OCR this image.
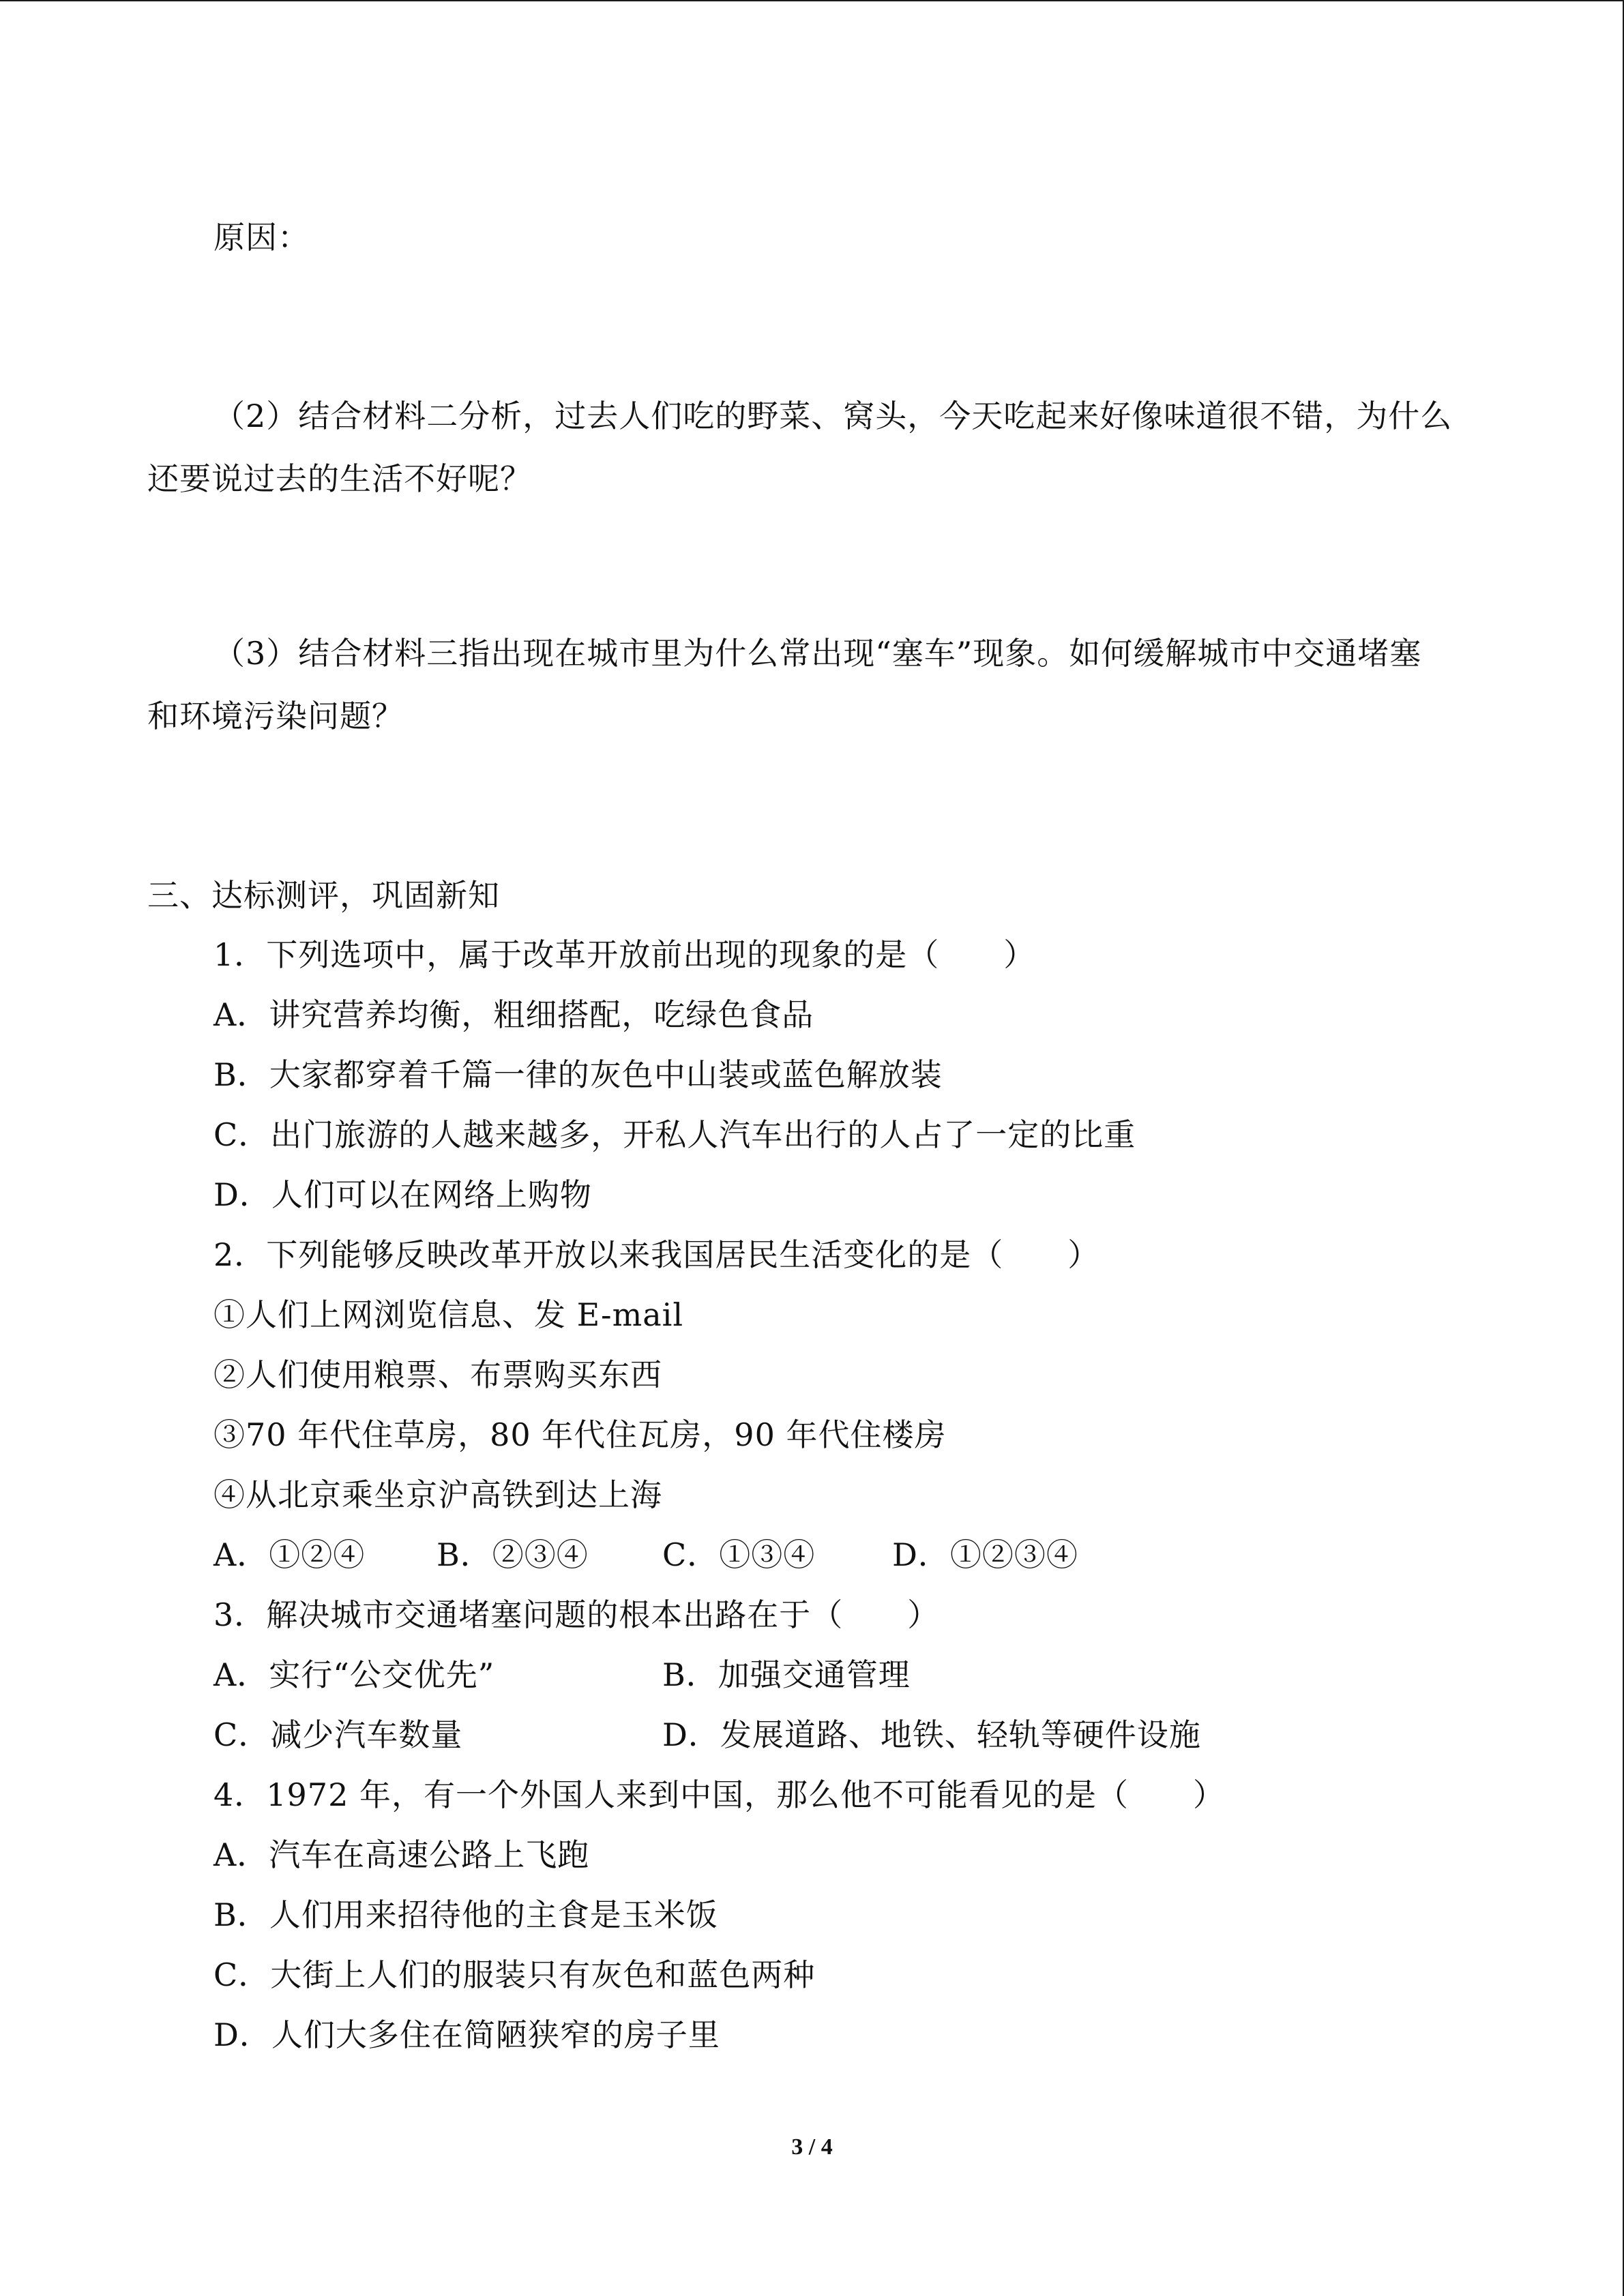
原因：
（2）结合材料二分析，过去人们吃的野菜、窝头，今天吃起来好像味道很不错，为什么
还要说过去的生活不好呢？
（3）结合材料三指出现在城市里为什么常出现“塞车”现象。如何缓解城市中交通堵塞
和环境污染问题？
三、达标测评，巩固新知
1．下列选项中，属于改革开放前出现的现象的是（　　）
A．讲究营养均衡，粗细搭配，吃绿色食品
B．大家都穿着千篇一律的灰色中山装或蓝色解放装
C．出门旅游的人越来越多，开私人汽车出行的人占了一定的比重
D．人们可以在网络上购物
2．下列能够反映改革开放以来我国居民生活变化的是（　　）
①人们上网浏览信息、发 E-mail
②人们使用粮票、布票购买东西
③70 年代住草房，80 年代住瓦房，90 年代住楼房
④从北京乘坐京沪高铁到达上海
A．①②④ B．②③④ C．①③④ D．①②③④
3．解决城市交通堵塞问题的根本出路在于（　　）
A．实行“公交优先”	B．加强交通管理
C．减少汽车数量	D．发展道路、地铁、轻轨等硬件设施
4．1972 年，有一个外国人来到中国，那么他不可能看见的是（　　）
A．汽车在高速公路上飞跑
B．人们用来招待他的主食是玉米饭
C．大街上人们的服装只有灰色和蓝色两种
D．人们大多住在简陋狭窄的房子里
3 / 4
